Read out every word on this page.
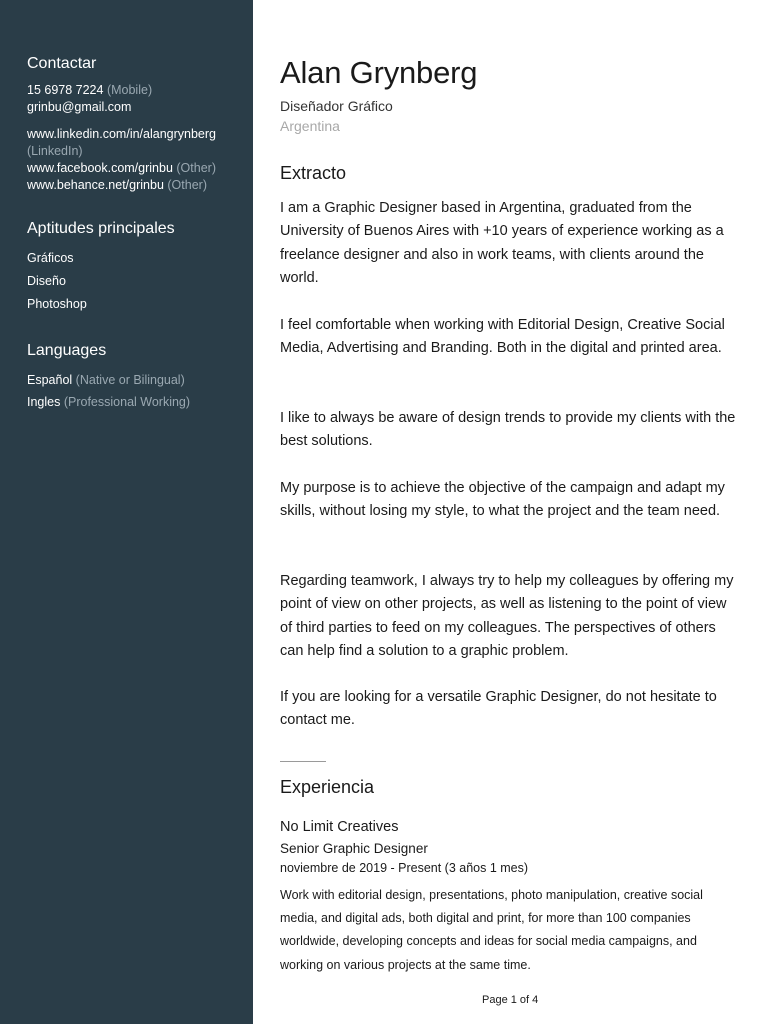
Contactar
15 6978 7224 (Mobile)
grinbu@gmail.com
www.linkedin.com/in/alangrynberg
(LinkedIn)
www.facebook.com/grinbu (Other)
www.behance.net/grinbu (Other)
Aptitudes principales
Gráficos
Diseño
Photoshop
Languages
Español (Native or Bilingual)
Ingles (Professional Working)
Alan Grynberg
Diseñador Gráfico
Argentina
Extracto

I am a Graphic Designer based in Argentina, graduated from the University of Buenos Aires with +10 years of experience working as a freelance designer and also in work teams, with clients around the world.

I feel comfortable when working with Editorial Design, Creative Social Media, Advertising and Branding. Both in the digital and printed area.

I like to always be aware of design trends to provide my clients with the best solutions.

My purpose is to achieve the objective of the campaign and adapt my skills, without losing my style, to what the project and the team need.

Regarding teamwork, I always try to help my colleagues by offering my point of view on other projects, as well as listening to the point of view of third parties to feed on my colleagues. The perspectives of others can help find a solution to a graphic problem.

If you are looking for a versatile Graphic Designer, do not hesitate to contact me.

Experiencia
No Limit Creatives
Senior Graphic Designer
noviembre de 2019 - Present (3 años 1 mes)

Work with editorial design, presentations, photo manipulation, creative social media, and digital ads, both digital and print, for more than 100 companies worldwide, developing concepts and ideas for social media campaigns, and working on various projects at the same time.

Page 1 of 4
